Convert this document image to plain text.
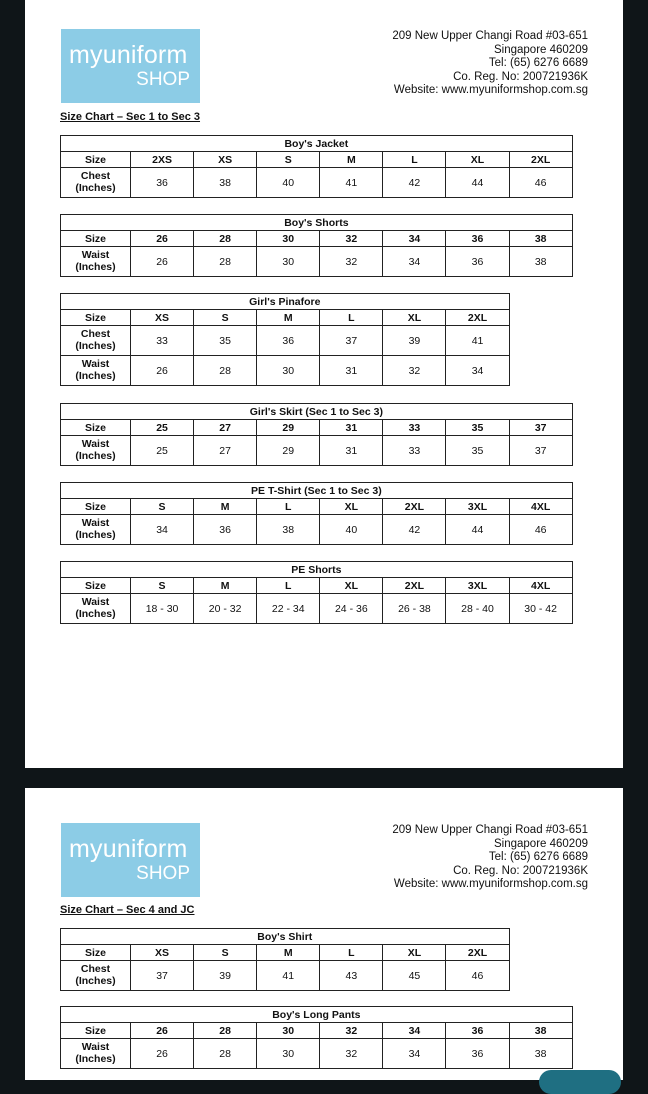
myuniform
SHOP
209 New Upper Changi Road #03-651
Singapore 460209
Tel: (65) 6276 6689
Co. Reg. No: 200721936K
Website: www.myuniformshop.com.sg
Size Chart – Sec 1 to Sec 3
Boy's Jacket							
Size	2XS	XS	S	M	L	XL	2XL

Chest
(Inches)	36	38	40	41	42	44	46
Boy's Shorts							
Size	26	28	30	32	34	36	38

Waist
(Inches)	26	28	30	32	34	36	38
Girl's Pinafore						
Size	XS	S	M	L	XL	2XL

Chest
(Inches)	33	35	36	37	39	41

Waist
(Inches)	26	28	30	31	32	34
Girl's Skirt (Sec 1 to Sec 3)							
Size	25	27	29	31	33	35	37

Waist
(Inches)	25	27	29	31	33	35	37
PE T-Shirt (Sec 1 to Sec 3)							
Size	S	M	L	XL	2XL	3XL	4XL

Waist
(Inches)	34	36	38	40	42	44	46
PE Shorts							
Size	S	M	L	XL	2XL	3XL	4XL

Waist
(Inches)	18 - 30	20 - 32	22 - 34	24 - 36	26 - 38	28 - 40	30 - 42
myuniform
SHOP
209 New Upper Changi Road #03-651
Singapore 460209
Tel: (65) 6276 6689
Co. Reg. No: 200721936K
Website: www.myuniformshop.com.sg
Size Chart – Sec 4 and JC
Boy's Shirt						
Size	XS	S	M	L	XL	2XL

Chest
(Inches)	37	39	41	43	45	46
Boy's Long Pants							
Size	26	28	30	32	34	36	38

Waist
(Inches)	26	28	30	32	34	36	38
